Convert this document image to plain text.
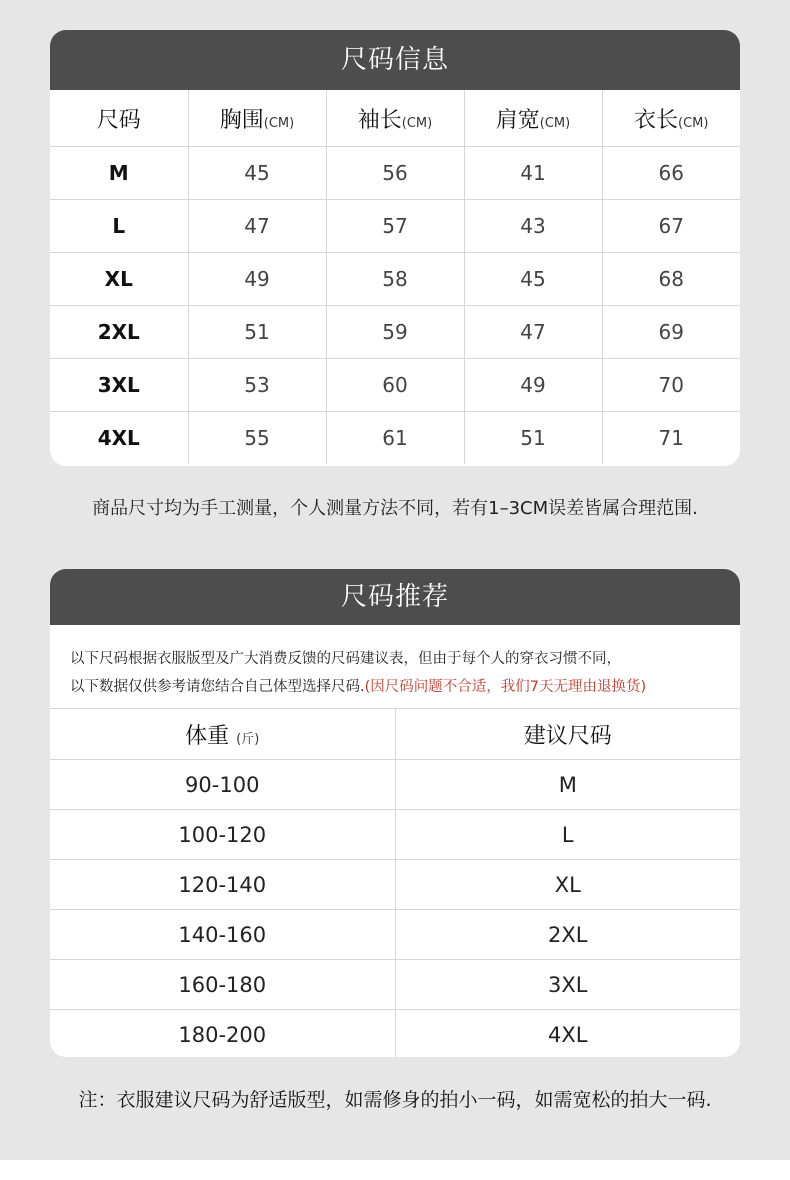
尺码信息
尺码	胸围(CM)	袖长(CM)	肩宽(CM)	衣长(CM)
M	45	56	41	66
L	47	57	43	67
XL	49	58	45	68
2XL	51	59	47	69
3XL	53	60	49	70
4XL	55	61	51	71
商品尺寸均为手工测量，个人测量方法不同，若有1–3CM误差皆属合理范围.
尺码推荐
以下尺码根据衣服版型及广大消费反馈的尺码建议表，但由于每个人的穿衣习惯不同，
以下数据仅供参考请您结合自己体型选择尺码.(因尺码问题不合适，我们7天无理由退换货)
体重 (斤)	建议尺码
90-100	M
100-120	L
120-140	XL
140-160	2XL
160-180	3XL
180-200	4XL
注：衣服建议尺码为舒适版型，如需修身的拍小一码，如需宽松的拍大一码.
